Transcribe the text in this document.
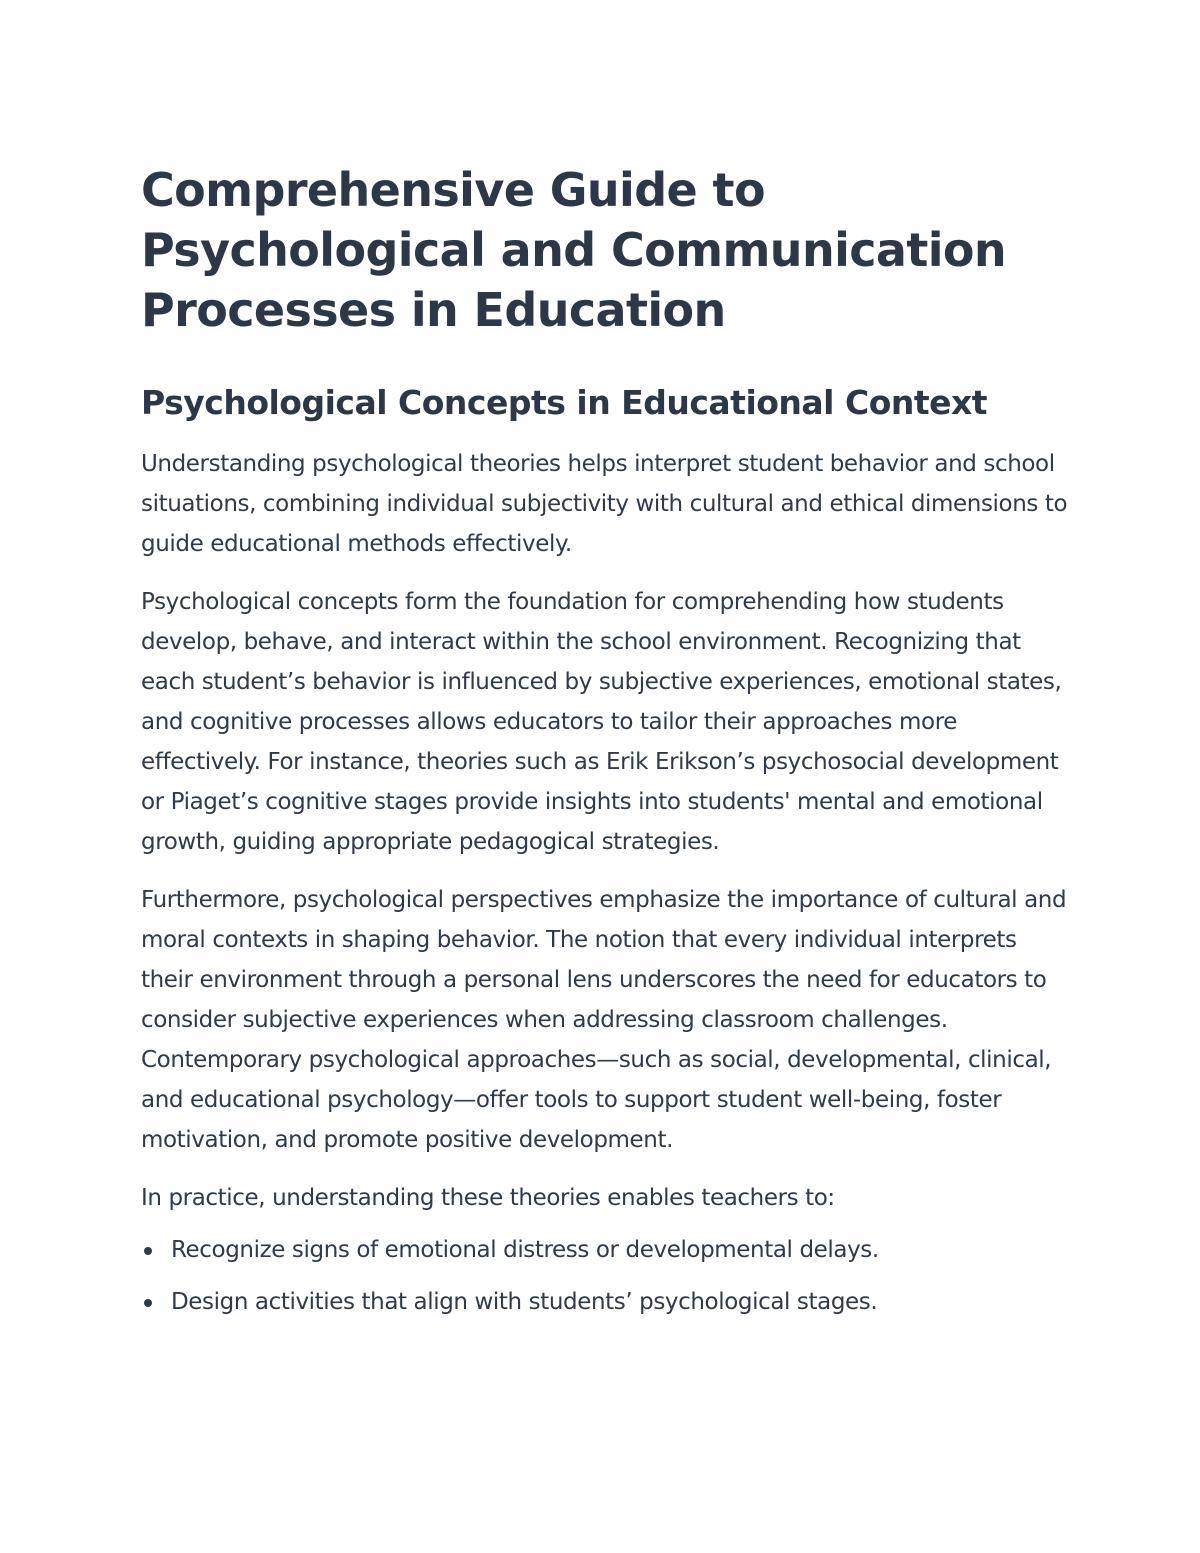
Comprehensive Guide to Psychological and Communication Processes in Education
Psychological Concepts in Educational Context

Understanding psychological theories helps interpret student behavior and school situations, combining individual subjectivity with cultural and ethical dimensions to guide educational methods effectively.

Psychological concepts form the foundation for comprehending how students develop, behave, and interact within the school environment. Recognizing that each student’s behavior is influenced by subjective experiences, emotional states, and cognitive processes allows educators to tailor their approaches more effectively. For instance, theories such as Erik Erikson’s psychosocial development or Piaget’s cognitive stages provide insights into students' mental and emotional growth, guiding appropriate pedagogical strategies.

Furthermore, psychological perspectives emphasize the importance of cultural and moral contexts in shaping behavior. The notion that every individual interprets their environment through a personal lens underscores the need for educators to consider subjective experiences when addressing classroom challenges. Contemporary psychological approaches—such as social, developmental, clinical, and educational psychology—offer tools to support student well-being, foster motivation, and promote positive development.

In practice, understanding these theories enables teachers to:

Recognize signs of emotional distress or developmental delays.
Design activities that align with students’ psychological stages.
